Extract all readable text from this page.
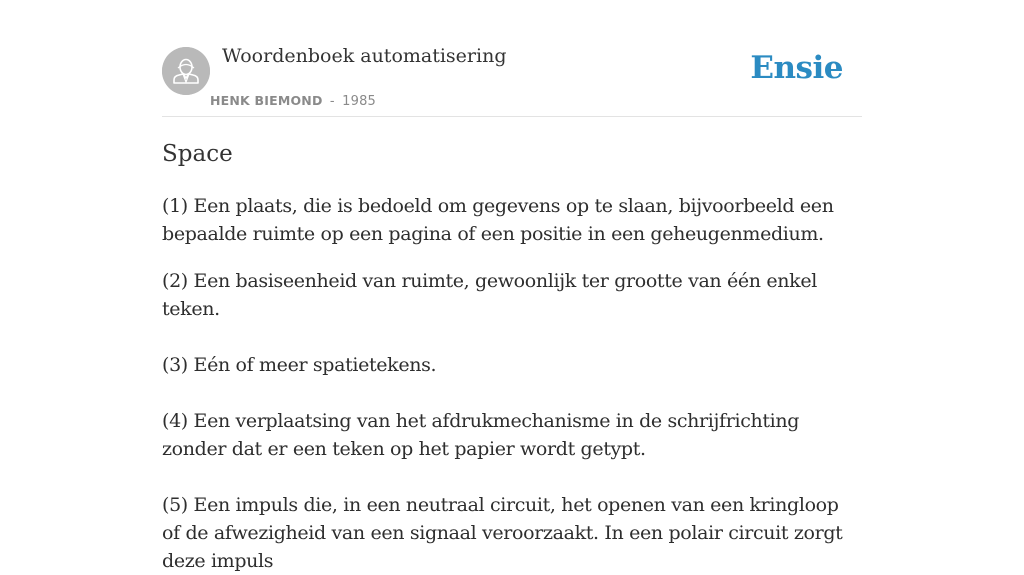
Woordenboek automatisering
HENK BIEMOND - 1985
Ensie
Space

(1) Een plaats, die is bedoeld om gegevens op te slaan, bijvoorbeeld een bepaalde ruimte op een pagina of een positie in een geheugenmedium.

(2) Een basiseenheid van ruimte, gewoonlijk ter grootte van één enkel teken.

(3) Eén of meer spatietekens.

(4) Een verplaatsing van het afdrukmechanisme in de schrijfrichting zonder dat er een teken op het papier wordt getypt.

(5) Een impuls die, in een neutraal circuit, het openen van een kringloop of de afwezigheid van een signaal veroorzaakt. In een polair circuit zorgt deze impuls
